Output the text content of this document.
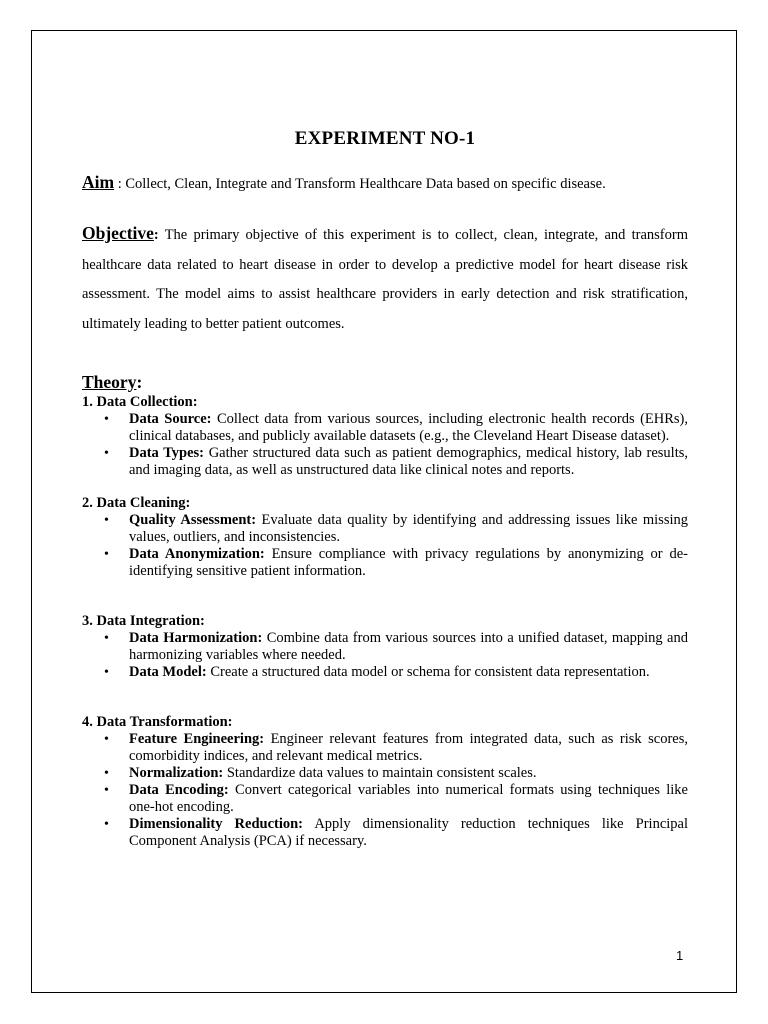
EXPERIMENT NO-1
Aim : Collect, Clean, Integrate and Transform Healthcare Data based on specific disease.
Objective: The primary objective of this experiment is to collect, clean, integrate, and transform healthcare data related to heart disease in order to develop a predictive model for heart disease risk assessment. The model aims to assist healthcare providers in early detection and risk stratification, ultimately leading to better patient outcomes.
Theory:

1. Data Collection:

• Data Source: Collect data from various sources, including electronic health records (EHRs), clinical databases, and publicly available datasets (e.g., the Cleveland Heart Disease dataset).
• Data Types: Gather structured data such as patient demographics, medical history, lab results, and imaging data, as well as unstructured data like clinical notes and reports.

2. Data Cleaning:

• Quality Assessment: Evaluate data quality by identifying and addressing issues like missing values, outliers, and inconsistencies.
• Data Anonymization: Ensure compliance with privacy regulations by anonymizing or de-identifying sensitive patient information.

3. Data Integration:

• Data Harmonization: Combine data from various sources into a unified dataset, mapping and harmonizing variables where needed.
• Data Model: Create a structured data model or schema for consistent data representation.

4. Data Transformation:

• Feature Engineering: Engineer relevant features from integrated data, such as risk scores, comorbidity indices, and relevant medical metrics.
• Normalization: Standardize data values to maintain consistent scales.
• Data Encoding: Convert categorical variables into numerical formats using techniques like one-hot encoding.
• Dimensionality Reduction: Apply dimensionality reduction techniques like Principal Component Analysis (PCA) if necessary.
1
